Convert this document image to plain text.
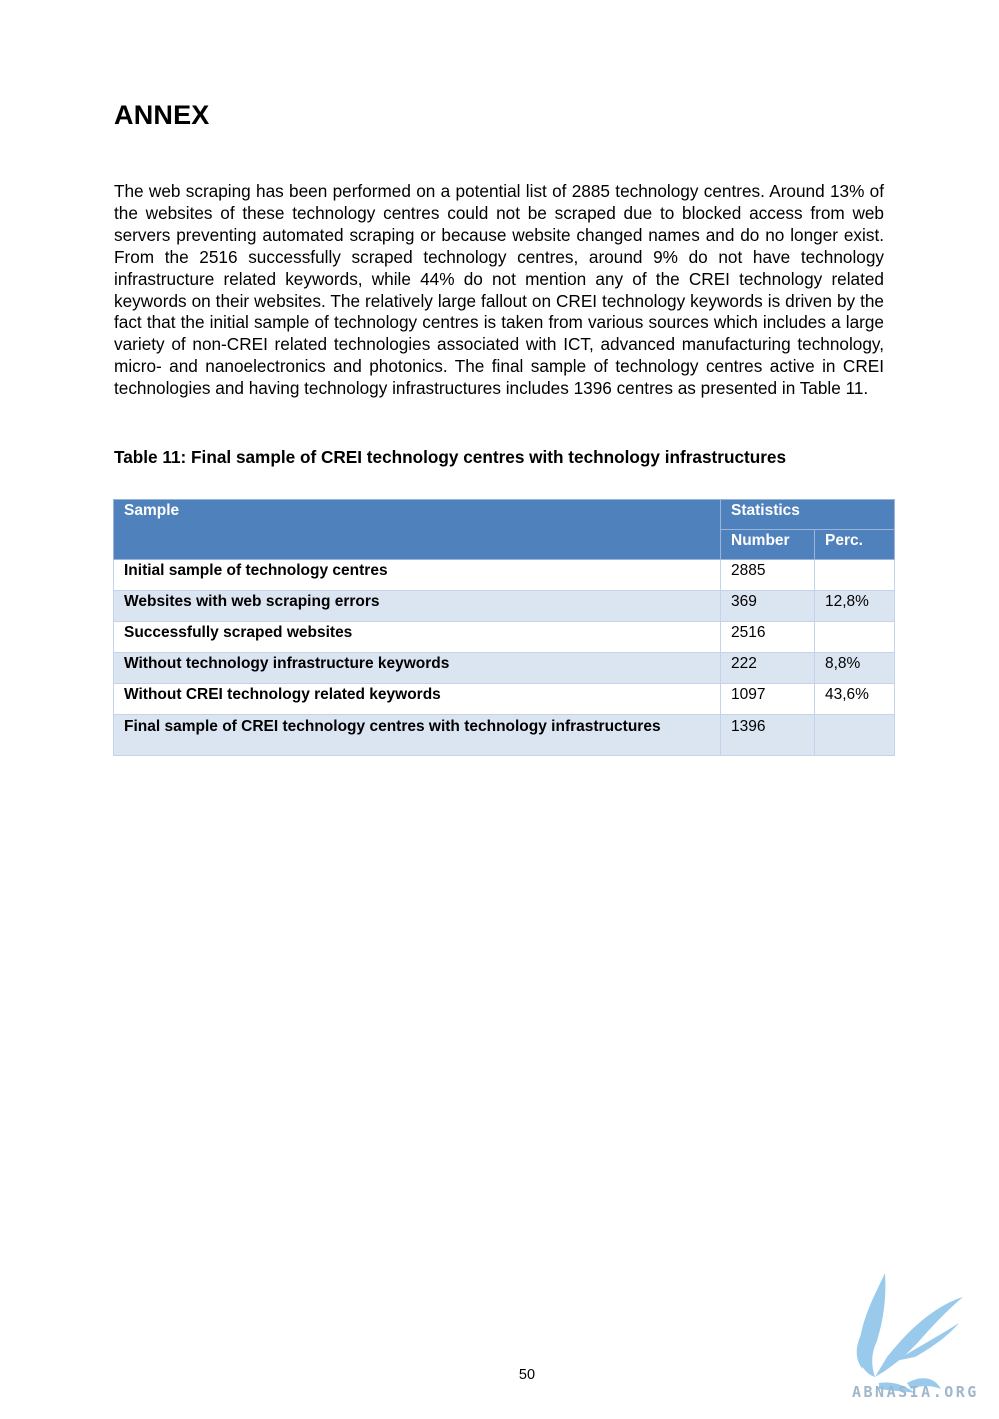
ANNEX

The web scraping has been performed on a potential list of 2885 technology centres. Around 13% of the websites of these technology centres could not be scraped due to blocked access from web servers preventing automated scraping or because website changed names and do no longer exist. From the 2516 successfully scraped technology centres, around 9% do not have technology infrastructure related keywords, while 44% do not mention any of the CREI technology related keywords on their websites. The relatively large fallout on CREI technology keywords is driven by the fact that the initial sample of technology centres is taken from various sources which includes a large variety of non-CREI related technologies associated with ICT, advanced manufacturing technology, micro- and nanoelectronics and photonics. The final sample of technology centres active in CREI technologies and having technology infrastructures includes 1396 centres as presented in Table 11.

Table 11: Final sample of CREI technology centres with technology infrastructures

Sample	Statistics	
	Number	Perc.
Initial sample of technology centres	2885	
Websites with web scraping errors	369	12,8%
Successfully scraped websites	2516	
Without technology infrastructure keywords	222	8,8%
Without CREI technology related keywords	1097	43,6%
Final sample of CREI technology centres with technology infrastructures	1396	
50
ABNASIA.ORG
